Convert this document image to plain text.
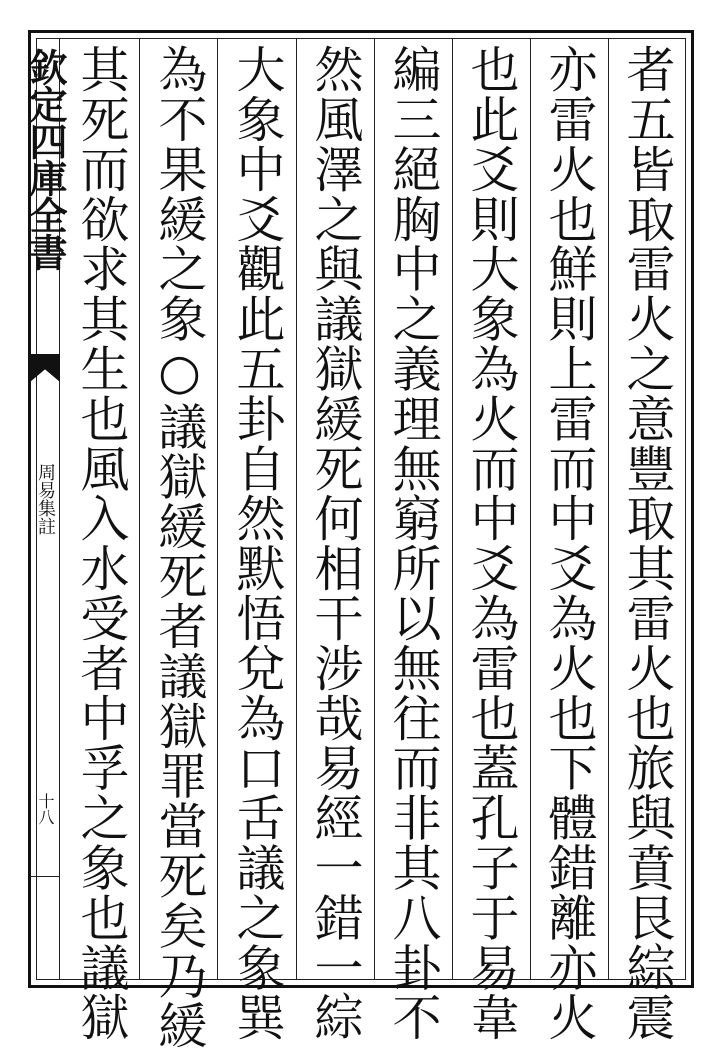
欽定四庫全書
周易集註
十八	者五皆取雷火之意豐取其雷火也旅與賁艮綜震
亦雷火也鮮則上雷而中爻為火也下體錯離亦火
也此爻則大象為火而中爻為雷也蓋孔子于易韋
編三絕胸中之義理無窮所以無往而非其八卦不
然風澤之與議獄緩死何相干涉哉易經一錯一綜
大象中爻觀此五卦自然默悟兌為口舌議之象巽
為不果緩之象○議獄緩死者議獄罪當死矣乃緩
其死而欲求其生也風入水受者中孚之象也議獄
